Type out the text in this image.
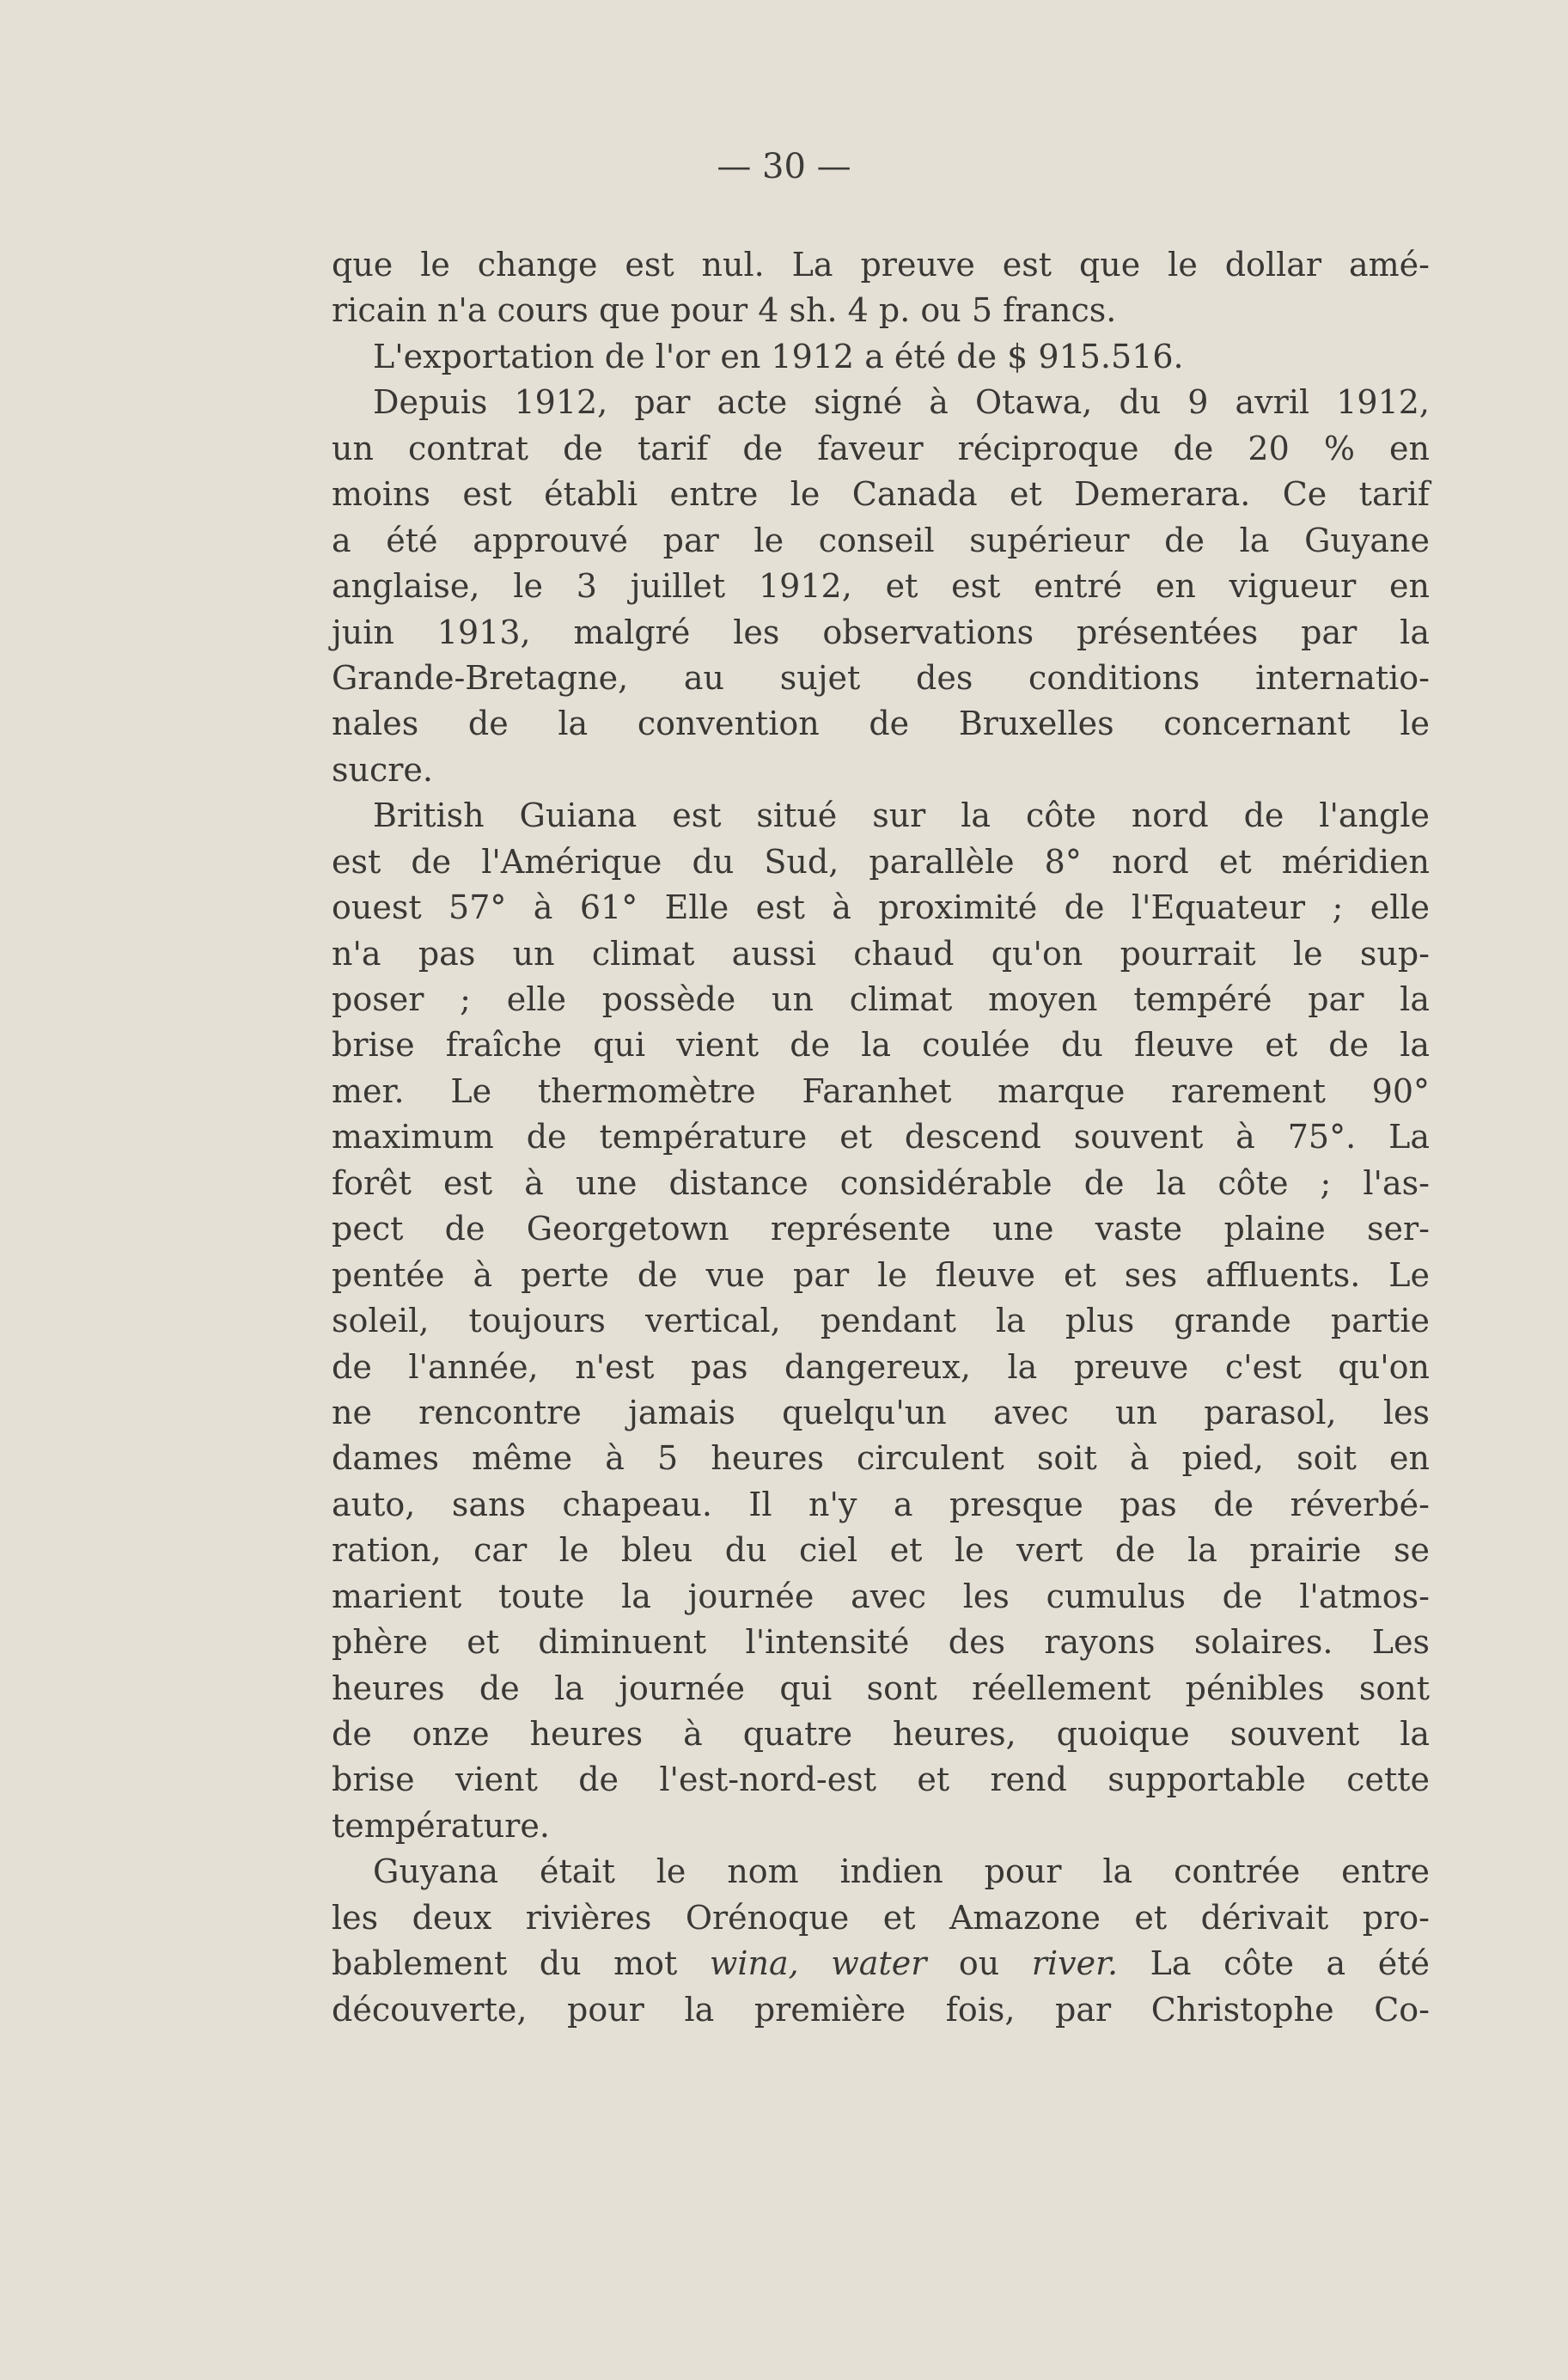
— 30 —

que le change est nul. La preuve est que le dollar amé-
ricain n'a cours que pour 4 sh. 4 p. ou 5 francs.

L'exportation de l'or en 1912 a été de $ 915.516.

Depuis 1912, par acte signé à Otawa, du 9 avril 1912,
un contrat de tarif de faveur réciproque de 20 % en
moins est établi entre le Canada et Demerara. Ce tarif
a été approuvé par le conseil supérieur de la Guyane
anglaise, le 3 juillet 1912, et est entré en vigueur en
juin 1913, malgré les observations présentées par la
Grande-Bretagne, au sujet des conditions internatio-
nales de la convention de Bruxelles concernant le
sucre.

British Guiana est situé sur la côte nord de l'angle
est de l'Amérique du Sud, parallèle 8° nord et méridien
ouest 57° à 61° Elle est à proximité de l'Equateur ; elle
n'a pas un climat aussi chaud qu'on pourrait le sup-
poser ; elle possède un climat moyen tempéré par la
brise fraîche qui vient de la coulée du fleuve et de la
mer. Le thermomètre Faranhet marque rarement 90°
maximum de température et descend souvent à 75°. La
forêt est à une distance considérable de la côte ; l'as-
pect de Georgetown représente une vaste plaine ser-
pentée à perte de vue par le fleuve et ses affluents. Le
soleil, toujours vertical, pendant la plus grande partie
de l'année, n'est pas dangereux, la preuve c'est qu'on
ne rencontre jamais quelqu'un avec un parasol, les
dames même à 5 heures circulent soit à pied, soit en
auto, sans chapeau. Il n'y a presque pas de réverbé-
ration, car le bleu du ciel et le vert de la prairie se
marient toute la journée avec les cumulus de l'atmos-
phère et diminuent l'intensité des rayons solaires. Les
heures de la journée qui sont réellement pénibles sont
de onze heures à quatre heures, quoique souvent la
brise vient de l'est-nord-est et rend supportable cette
température.

Guyana était le nom indien pour la contrée entre
les deux rivières Orénoque et Amazone et dérivait pro-
bablement du mot wina, water ou river. La côte a été
découverte, pour la première fois, par Christophe Co-
